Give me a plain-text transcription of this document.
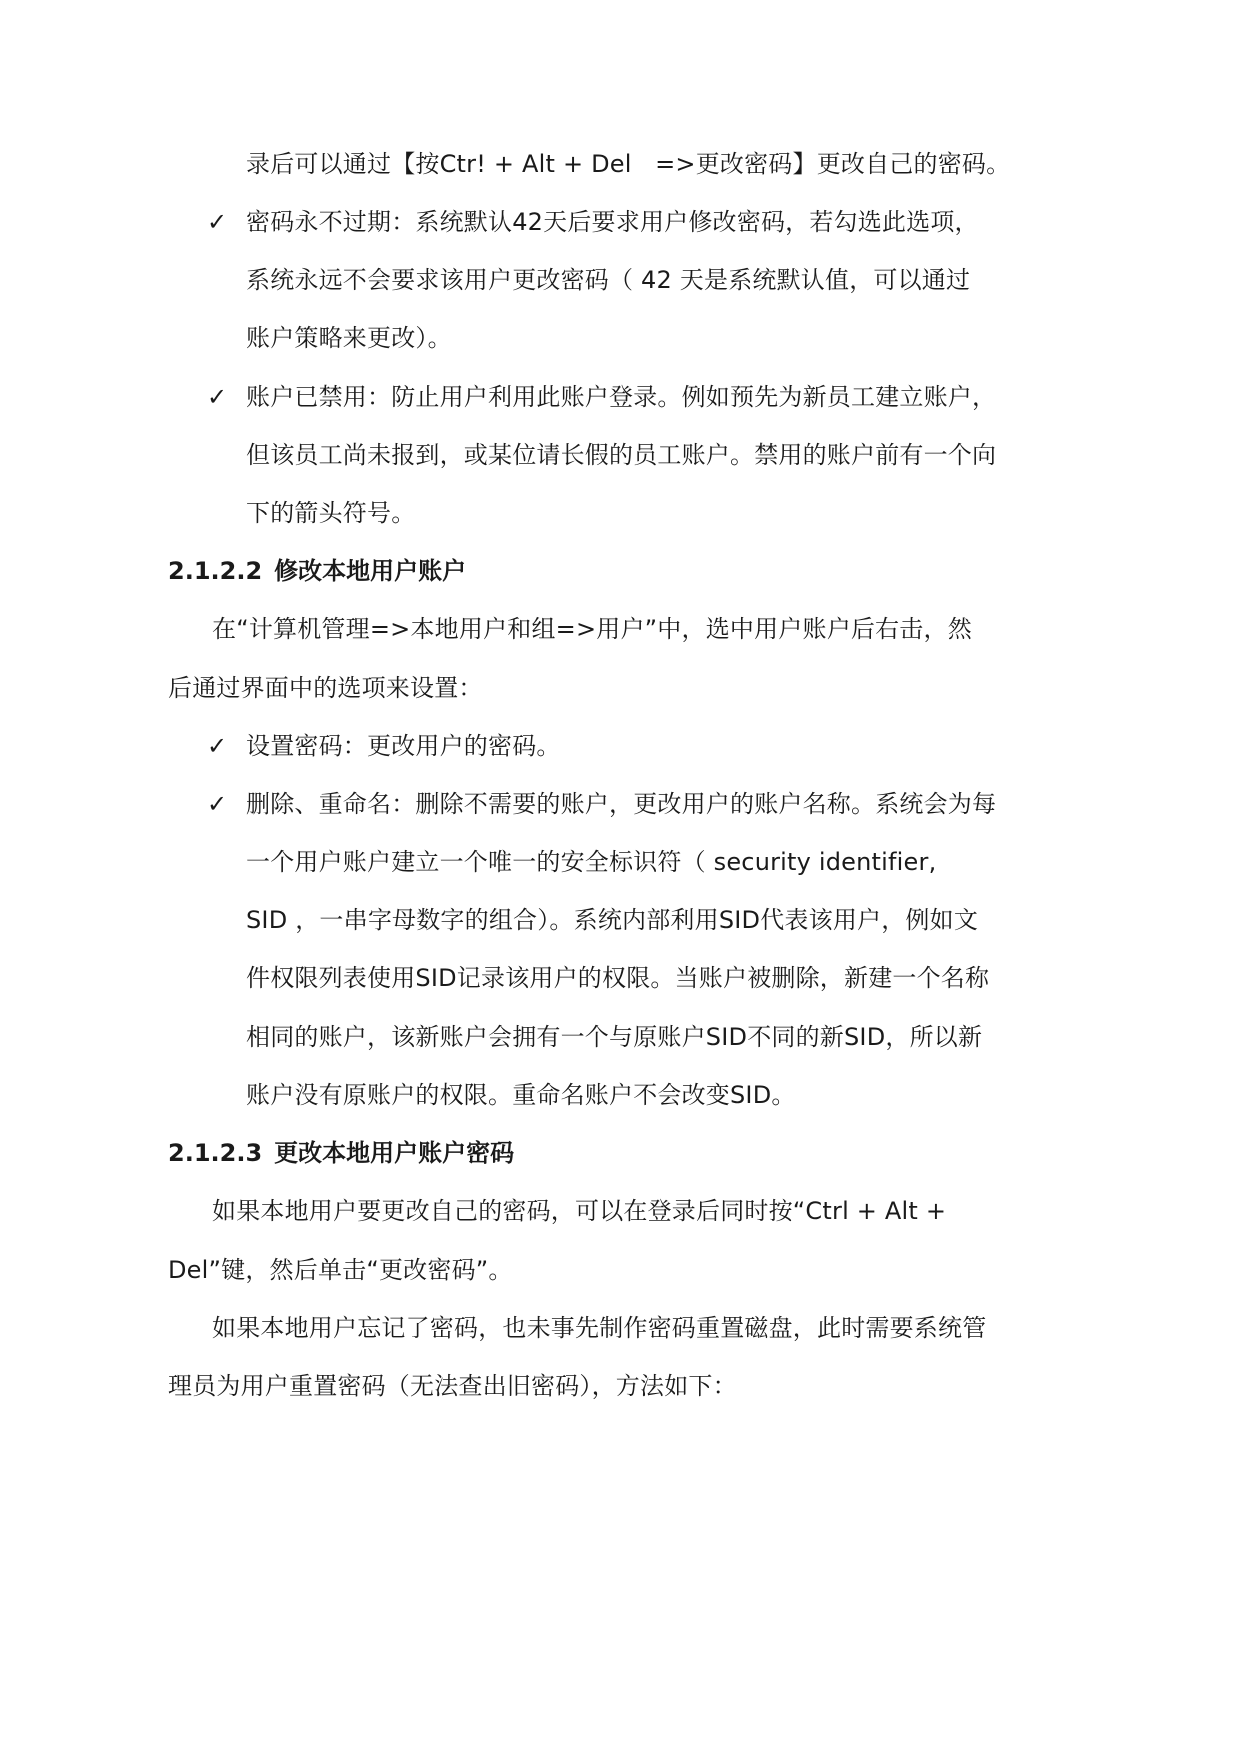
录后可以通过【按Ctr! + Alt + Del   =>更改密码】更改自己的密码。
✓ 密码永不过期：系统默认42天后要求用户修改密码，若勾选此选项，
系统永远不会要求该用户更改密码（ 42 天是系统默认值，可以通过
账户策略来更改）。
✓ 账户已禁用：防止用户利用此账户登录。例如预先为新员工建立账户，
但该员工尚未报到，或某位请长假的员工账户。禁用的账户前有一个向
下的箭头符号。
2.1.2.2 修改本地用户账户
在“计算机管理=>本地用户和组=>用户”中，选中用户账户后右击，然
后通过界面中的选项来设置：
✓ 设置密码：更改用户的密码。
✓ 删除、重命名：删除不需要的账户，更改用户的账户名称。系统会为每
一个用户账户建立一个唯一的安全标识符（ security identifier,
SID ，一串字母数字的组合）。系统内部利用SID代表该用户，例如文
件权限列表使用SID记录该用户的权限。当账户被删除，新建一个名称
相同的账户，该新账户会拥有一个与原账户SID不同的新SID，所以新
账户没有原账户的权限。重命名账户不会改变SID。
2.1.2.3 更改本地用户账户密码
如果本地用户要更改自己的密码，可以在登录后同时按“Ctrl + Alt +
Del”键，然后单击“更改密码”。
如果本地用户忘记了密码，也未事先制作密码重置磁盘，此时需要系统管
理员为用户重置密码（无法查出旧密码），方法如下：
